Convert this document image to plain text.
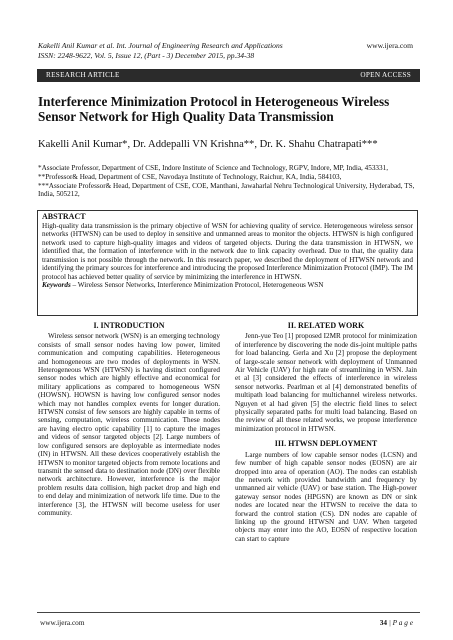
Kakelli Anil Kumar et al. Int. Journal of Engineering Research and Applications	www.ijera.com
ISSN: 2248-9622, Vol. 5, Issue 12, (Part - 3) December 2015, pp.34-38
RESEARCH ARTICLE	OPEN ACCESS
Interference Minimization Protocol in Heterogeneous Wireless Sensor Network for High Quality Data Transmission
Kakelli Anil Kumar*, Dr. Addepalli VN Krishna**, Dr. K. Shahu Chatrapati***
*Associate Professor, Department of CSE, Indore Institute of Science and Technology, RGPV, Indore, MP, India, 453331,
**Professor& Head, Department of CSE, Navodaya Institute of Technology, Raichur, KA, India, 584103,
***Associate Professor& Head, Department of CSE, COE, Manthani, Jawaharlal Nehru Technological University, Hyderabad, TS, India, 505212,
ABSTRACT

High-quality data transmission is the primary objective of WSN for achieving quality of service. Heterogeneous wireless sensor networks (HTWSN) can be used to deploy in sensitive and unmanned areas to monitor the objects. HTWSN is high configured network used to capture high-quality images and videos of targeted objects. During the data transmission in HTWSN, we identified that, the formation of interference with in the network due to link capacity overhead. Due to that, the quality data transmission is not possible through the network. In this research paper, we described the deployment of HTWSN network and identifying the primary sources for interference and introducing the proposed Interference Minimization Protocol (IMP). The IM protocol has achieved better quality of service by minimizing the interference in HTWSN.

Keywords – Wireless Sensor Networks, Interference Minimization Protocol, Heterogeneous WSN

I. INTRODUCTION

Wireless sensor network (WSN) is an emerging technology consists of small sensor nodes having low power, limited communication and computing capabilities. Heterogeneous and homogeneous are two modes of deployments in WSN. Heterogeneous WSN (HTWSN) is having distinct configured sensor nodes which are highly effective and economical for military applications as compared to homogeneous WSN (HOWSN). HOWSN is having low configured sensor nodes which may not handles complex events for longer duration. HTWSN consist of few sensors are highly capable in terms of sensing, computation, wireless communication. These nodes are having electro optic capability [1] to capture the images and videos of sensor targeted objects [2]. Large numbers of low configured sensors are deployable as intermediate nodes (IN) in HTWSN. All these devices cooperatively establish the HTWSN to monitor targeted objects from remote locations and transmit the sensed data to destination node (DN) over flexible network architecture. However, interference is the major problem results data collision, high packet drop and high end to end delay and minimization of network life time. Due to the interference [3], the HTWSN will become useless for user community.

II. RELATED WORK

Jenn-yue Teo [1] proposed I2MR protocol for minimization of interference by discovering the node dis-joint multiple paths for load balancing. Gerla and Xu [2] propose the deployment of large-scale sensor network with deployment of Unmanned Air Vehicle (UAV) for high rate of streamlining in WSN. Jain et al [3] considered the effects of interference in wireless sensor networks. Pearlman et al [4] demonstrated benefits of multipath load balancing for multichannel wireless networks. Nguyen et al had given [5] the electric field lines to select physically separated paths for multi load balancing. Based on the review of all these related works, we propose interference minimization protocol in HTWSN.

III. HTWSN DEPLOYMENT

Large numbers of low capable sensor nodes (LCSN) and few number of high capable sensor nodes (EOSN) are air dropped into area of operation (AO). The nodes can establish the network with provided bandwidth and frequency by unmanned air vehicle (UAV) or base station. The High-power gateway sensor nodes (HPGSN) are known as DN or sink nodes are located near the HTWSN to receive the data to forward the control station (CS). DN nodes are capable of linking up the ground HTWSN and UAV. When targeted objects may enter into the AO, EOSN of respective location can start to capture

www.ijera.com	34 | P a g e
